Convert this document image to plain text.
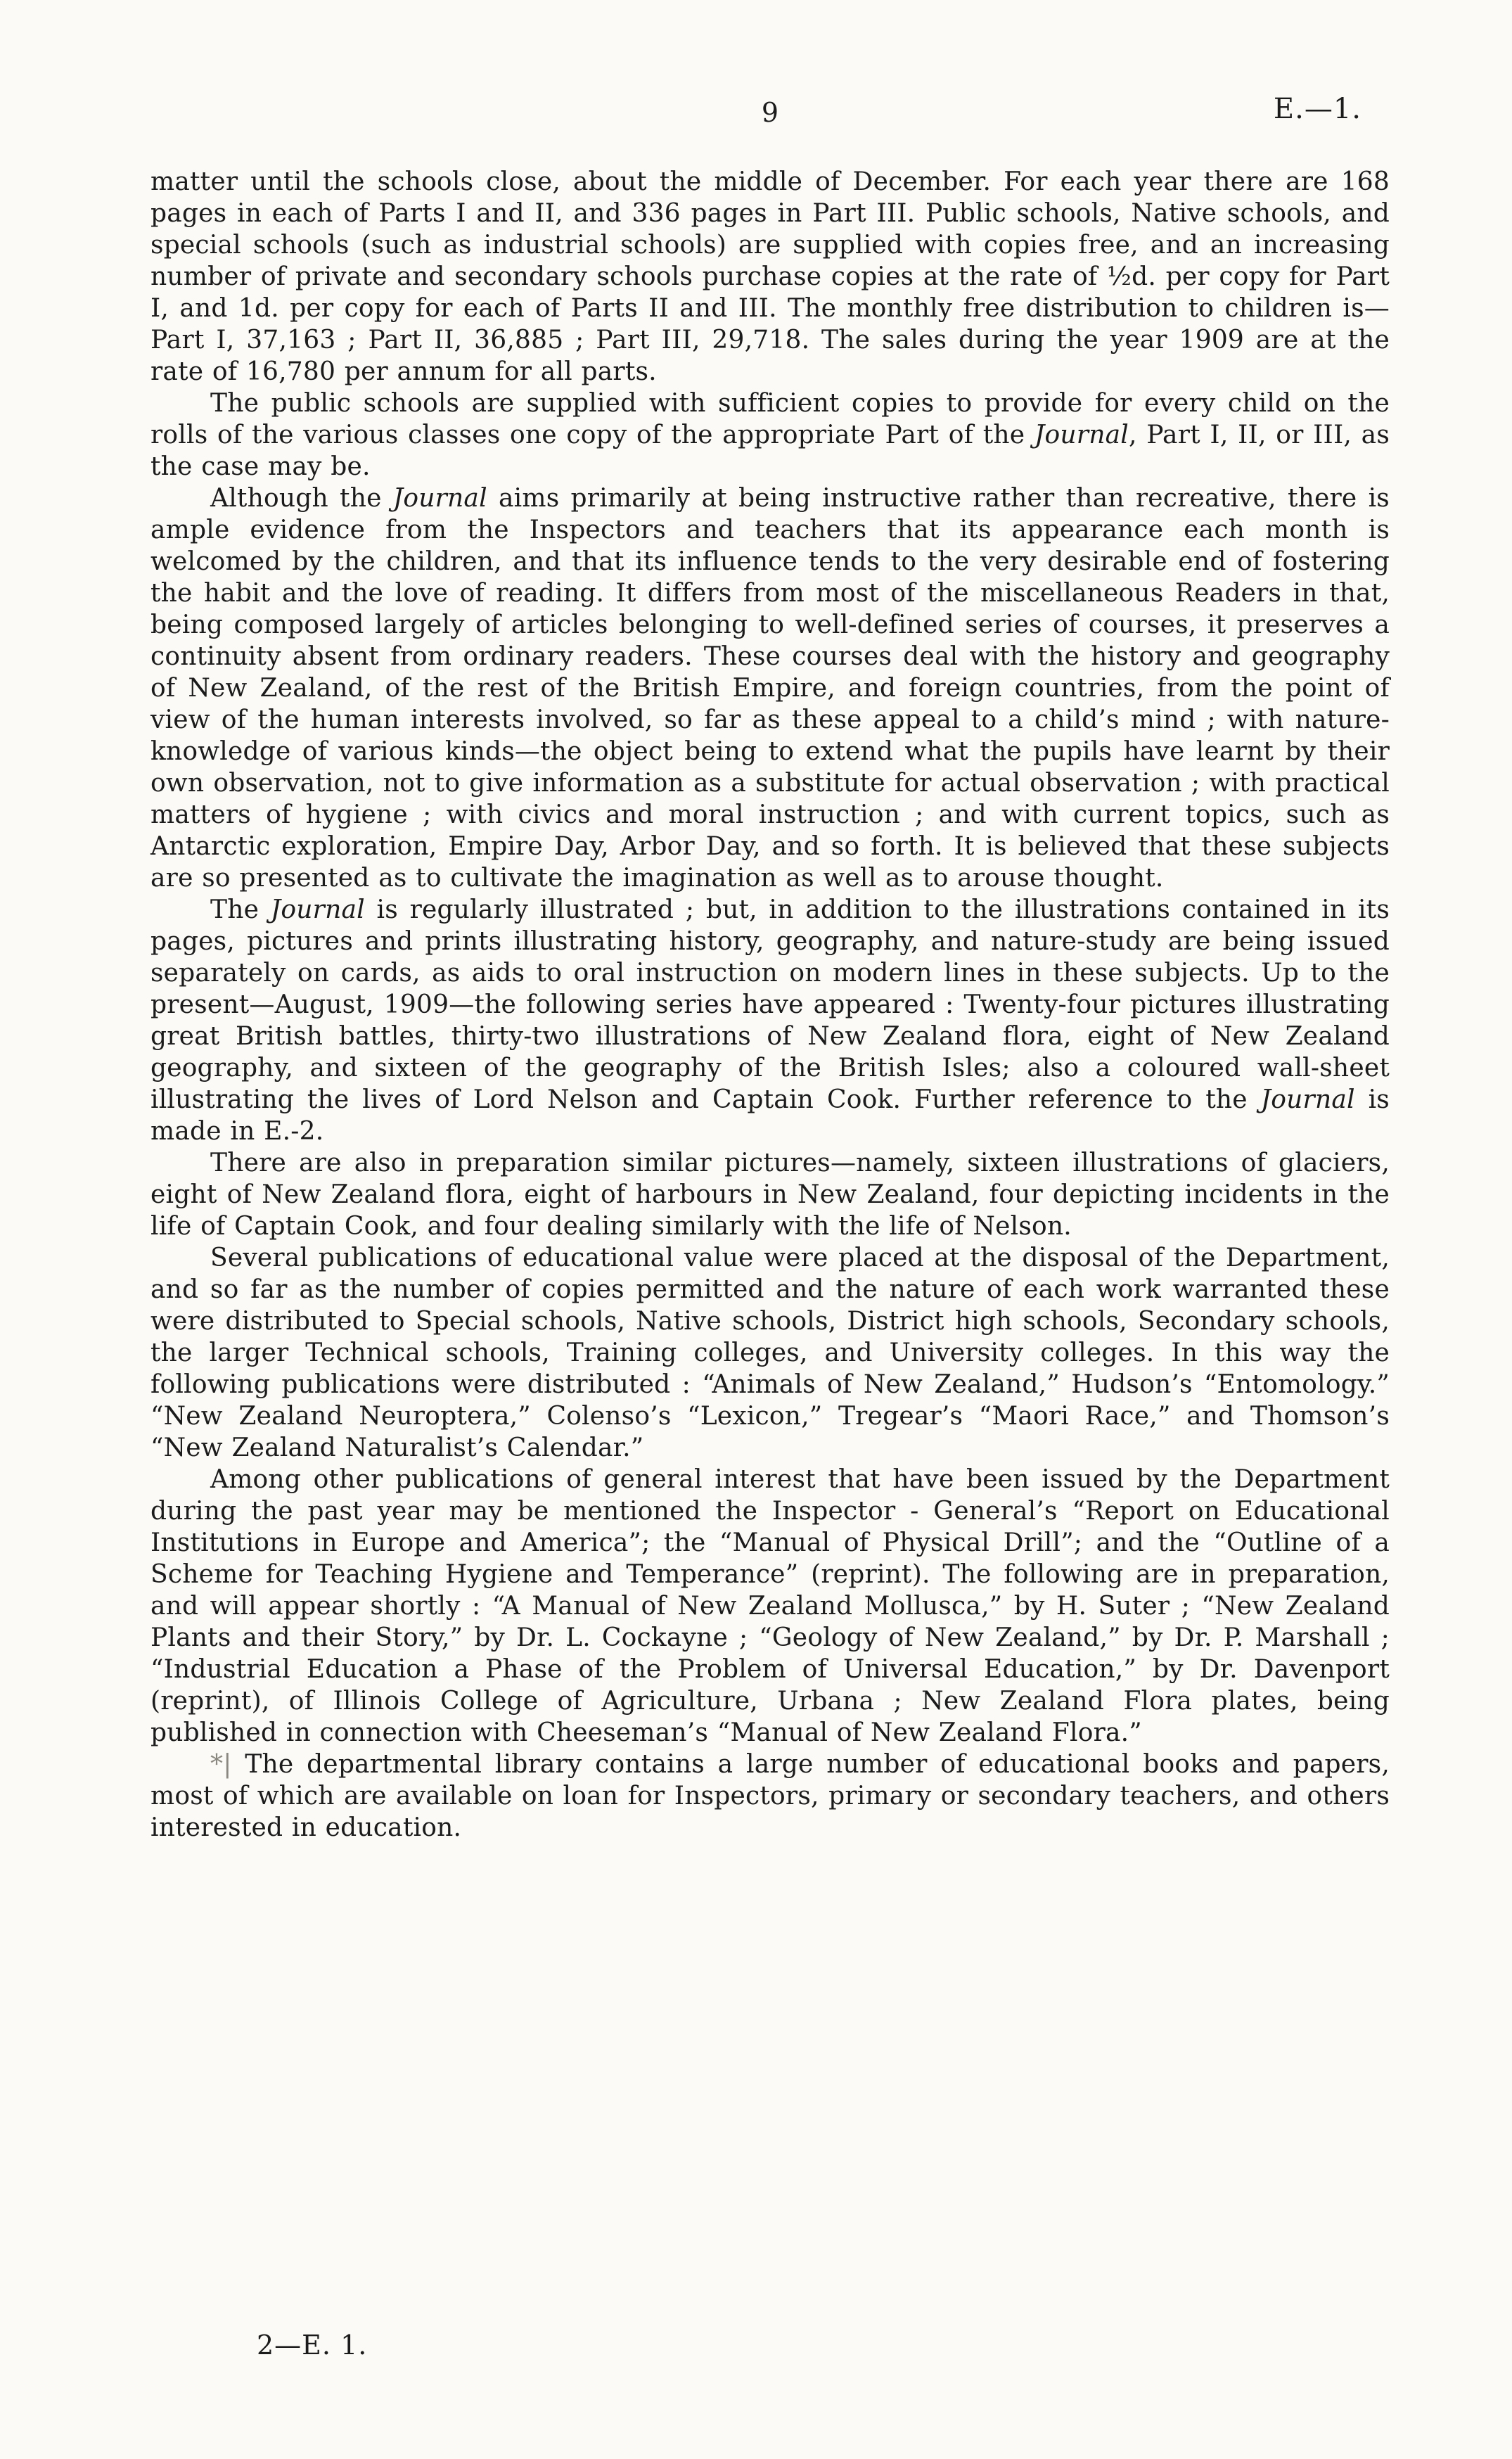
9	E.—1.

matter until the schools close, about the middle of December. For each year there are 168 pages in each of Parts I and II, and 336 pages in Part III. Public schools, Native schools, and special schools (such as industrial schools) are supplied with copies free, and an increasing number of private and secondary schools purchase copies at the rate of ½d. per copy for Part I, and 1d. per copy for each of Parts II and III. The monthly free distribution to children is—Part I, 37,163 ; Part II, 36,885 ; Part III, 29,718. The sales during the year 1909 are at the rate of 16,780 per annum for all parts.

The public schools are supplied with sufficient copies to provide for every child on the rolls of the various classes one copy of the appropriate Part of the Journal, Part I, II, or III, as the case may be.

Although the Journal aims primarily at being instructive rather than recreative, there is ample evidence from the Inspectors and teachers that its appearance each month is welcomed by the children, and that its influence tends to the very desirable end of fostering the habit and the love of reading. It differs from most of the miscellaneous Readers in that, being composed largely of articles belonging to well-defined series of courses, it preserves a continuity absent from ordinary readers. These courses deal with the history and geography of New Zealand, of the rest of the British Empire, and foreign countries, from the point of view of the human interests involved, so far as these appeal to a child’s mind ; with nature-knowledge of various kinds—the object being to extend what the pupils have learnt by their own observation, not to give information as a substitute for actual observation ; with practical matters of hygiene ; with civics and moral instruction ; and with current topics, such as Antarctic exploration, Empire Day, Arbor Day, and so forth. It is believed that these subjects are so presented as to cultivate the imagination as well as to arouse thought.

The Journal is regularly illustrated ; but, in addition to the illustrations contained in its pages, pictures and prints illustrating history, geography, and nature-study are being issued separately on cards, as aids to oral instruction on modern lines in these subjects. Up to the present—August, 1909—the following series have appeared : Twenty-four pictures illustrating great British battles, thirty-two illustrations of New Zealand flora, eight of New Zealand geography, and sixteen of the geography of the British Isles; also a coloured wall-sheet illustrating the lives of Lord Nelson and Captain Cook. Further reference to the Journal is made in E.-2.

There are also in preparation similar pictures—namely, sixteen illustrations of glaciers, eight of New Zealand flora, eight of harbours in New Zealand, four depicting incidents in the life of Captain Cook, and four dealing similarly with the life of Nelson.

Several publications of educational value were placed at the disposal of the Department, and so far as the number of copies permitted and the nature of each work warranted these were distributed to Special schools, Native schools, District high schools, Secondary schools, the larger Technical schools, Training colleges, and University colleges. In this way the following publications were distributed : “Animals of New Zealand,” Hudson’s “Entomology.” “New Zealand Neuroptera,” Colenso’s “Lexicon,” Tregear’s “Maori Race,” and Thomson’s “New Zealand Naturalist’s Calendar.”

Among other publications of general interest that have been issued by the Department during the past year may be mentioned the Inspector - General’s “Report on Educational Institutions in Europe and America”; the “Manual of Physical Drill”; and the “Outline of a Scheme for Teaching Hygiene and Temperance” (reprint). The following are in preparation, and will appear shortly : “A Manual of New Zealand Mollusca,” by H. Suter ; “New Zealand Plants and their Story,” by Dr. L. Cockayne ; “Geology of New Zealand,” by Dr. P. Marshall ; “Industrial Education a Phase of the Problem of Universal Education,” by Dr. Davenport (reprint), of Illinois College of Agriculture, Urbana ; New Zealand Flora plates, being published in connection with Cheeseman’s “Manual of New Zealand Flora.”

*| The departmental library contains a large number of educational books and papers, most of which are available on loan for Inspectors, primary or secondary teachers, and others interested in education.

2—E. 1.
